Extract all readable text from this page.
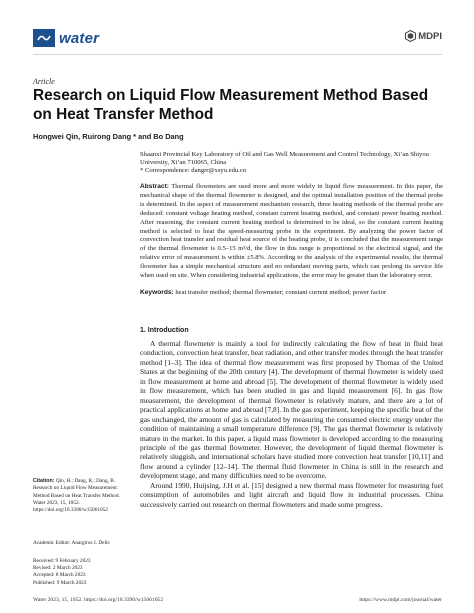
water	MDPI
Article
Research on Liquid Flow Measurement Method Based on Heat Transfer Method
Hongwei Qin, Ruirong Dang * and Bo Dang
Shaanxi Provincial Key Laboratory of Oil and Gas Well Measurement and Control Technology, Xi’an Shiyou University, Xi’an 710065, China
* Correspondence: dangrr@xsyu.edu.cn
Abstract: Thermal flowmeters are used more and more widely in liquid flow measurement. In this paper, the mechanical shape of the thermal flowmeter is designed, and the optimal installation position of the thermal probe is determined. In the aspect of measurement mechanism research, three heating methods of the thermal probe are deduced: constant voltage heating method, constant current heating method, and constant power heating method. After reasoning, the constant current heating method is determined to be ideal, so the constant current heating method is selected to heat the speed-measuring probe in the experiment. By analyzing the power factor of convection heat transfer and residual heat source of the heating probe, it is concluded that the measurement range of the thermal flowmeter is 0.5–15 m³/d, the flow in this range is proportional to the electrical signal, and the relative error of measurement is within ±5.8%. According to the analysis of the experimental results, the thermal flowmeter has a simple mechanical structure and no redundant moving parts, which can prolong its service life when used on site. When considering industrial applications, the error may be greater than the laboratory error.
Keywords: heat transfer method; thermal flowmeter; constant current method; power factor
1. Introduction

A thermal flowmeter is mainly a tool for indirectly calculating the flow of heat in fluid heat conduction, convection heat transfer, heat radiation, and other transfer modes through the heat transfer method [1–3]. The idea of thermal flow measurement was first proposed by Thomas of the United States at the beginning of the 20th century [4]. The development of thermal flowmeter is widely used in flow measurement at home and abroad [5]. The development of thermal flowmeter is widely used in flow measurement, which has been studied in gas and liquid measurement [6]. In gas flow measurement, the development of thermal flowmeter is relatively mature, and there are a lot of practical applications at home and abroad [7,8]. In the gas experiment, keeping the specific heat of the gas unchanged, the amount of gas is calculated by measuring the consumed electric energy under the condition of maintaining a small temperature difference [9]. The gas thermal flowmeter is relatively mature in the market. In this paper, a liquid mass flowmeter is developed according to the measuring principle of the gas thermal flowmeter. However, the development of liquid thermal flowmeter is relatively sluggish, and international scholars have studied more convection heat transfer [10,11] and flow around a cylinder [12–14]. The thermal fluid flowmeter in China is still in the research and development stage, and many difficulties need to be overcome.

Around 1990, Huijsing, J.H et al. [15] designed a new thermal mass flowmeter for measuring fuel consumption of automobiles and light aircraft and liquid flow in industrial processes. China successively carried out research on thermal flowmeters and made some progress.

Citation: Qin, H.; Dang, R.; Dang, B. Research on Liquid Flow Measurement Method Based on Heat Transfer Method. Water 2023, 15, 1052. https://doi.org/10.3390/w15061052
Academic Editor: Anargiros I. Delis
Received: 9 February 2023
Revised: 2 March 2023
Accepted: 8 March 2023
Published: 9 March 2023
Water 2023, 15, 1052. https://doi.org/10.3390/w15061052	https://www.mdpi.com/journal/water
